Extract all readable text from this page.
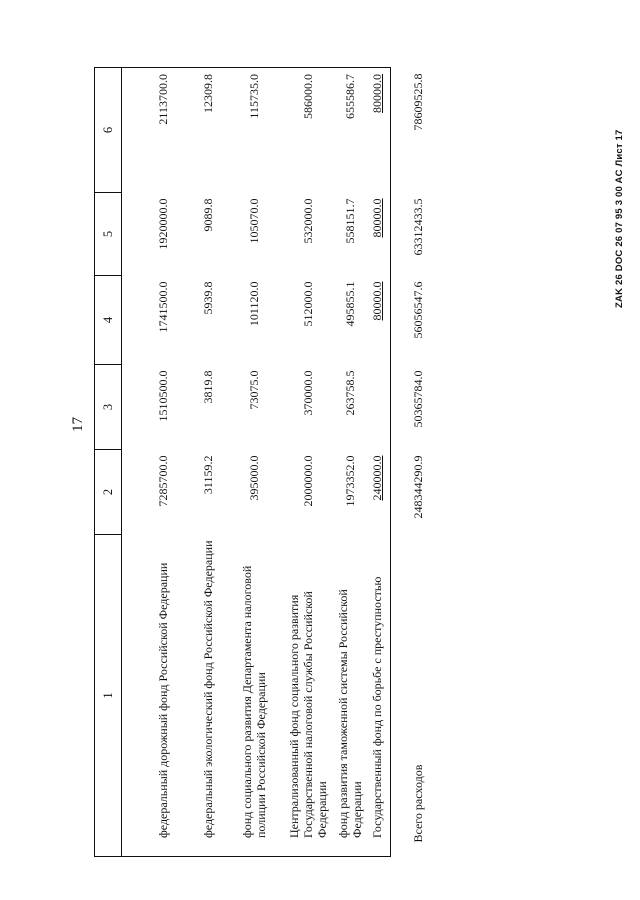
17
1	2	3	4	5	6
федеральный дорожный фонд Российской Федерации	7285700.0	1510500.0	1741500.0	1920000.0	2113700.0
федеральный экологический фонд Российской Федерации	31159.2	3819.8	5939.8	9089.8	12309.8
фонд социального развития Департамента налоговой полиции Российской Федерации	395000.0	73075.0	101120.0	105070.0	115735.0
Централизованный фонд социального развития Государственной налоговой службы Российской Федерации	2000000.0	370000.0	512000.0	532000.0	586000.0
фонд развития таможенной системы Российской Федерации	1973352.0	263758.5	495855.1	558151.7	655586.7
Государственный фонд по борьбе с преступностью	240000.0		80000.0	80000.0	80000.0
Всего расходов	248344290.9	50365784.0	56056547.6	63312433.5	78609525.8
ZAK 26 DOC 26 07 95 3 00 AC Лист 17
